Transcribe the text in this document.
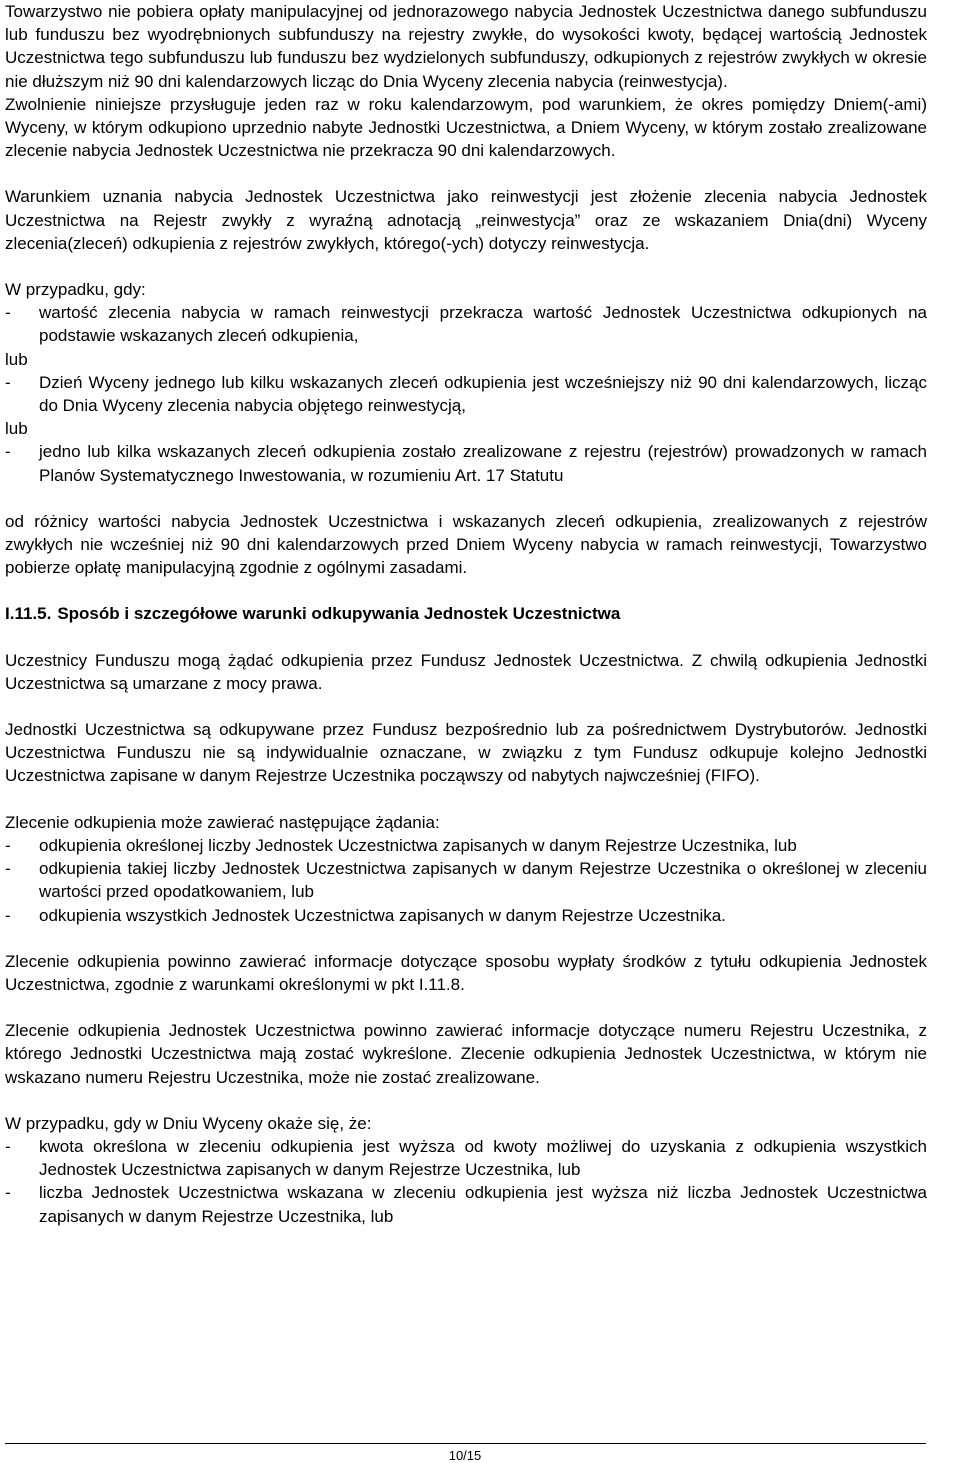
Towarzystwo nie pobiera opłaty manipulacyjnej od jednorazowego nabycia Jednostek Uczestnictwa danego subfunduszu lub funduszu bez wyodrębnionych subfunduszy na rejestry zwykłe, do wysokości kwoty, będącej wartością Jednostek Uczestnictwa tego subfunduszu lub funduszu bez wydzielonych subfunduszy, odkupionych z rejestrów zwykłych w okresie nie dłuższym niż 90 dni kalendarzowych licząc do Dnia Wyceny zlecenia nabycia (reinwestycja).

Zwolnienie niniejsze przysługuje jeden raz w roku kalendarzowym, pod warunkiem, że okres pomiędzy Dniem(-ami) Wyceny, w którym odkupiono uprzednio nabyte Jednostki Uczestnictwa, a Dniem Wyceny, w którym zostało zrealizowane zlecenie nabycia Jednostek Uczestnictwa nie przekracza 90 dni kalendarzowych.

Warunkiem uznania nabycia Jednostek Uczestnictwa jako reinwestycji jest złożenie zlecenia nabycia Jednostek Uczestnictwa na Rejestr zwykły z wyraźną adnotacją „reinwestycja” oraz ze wskazaniem Dnia(dni) Wyceny zlecenia(zleceń) odkupienia z rejestrów zwykłych, którego(-ych) dotyczy reinwestycja.

W przypadku, gdy:

-	wartość zlecenia nabycia w ramach reinwestycji przekracza wartość Jednostek Uczestnictwa odkupionych na podstawie wskazanych zleceń odkupienia,

lub

-	Dzień Wyceny jednego lub kilku wskazanych zleceń odkupienia jest wcześniejszy niż 90 dni kalendarzowych, licząc do Dnia Wyceny zlecenia nabycia objętego reinwestycją,

lub

-	jedno lub kilka wskazanych zleceń odkupienia zostało zrealizowane z rejestru (rejestrów) prowadzonych w ramach Planów Systematycznego Inwestowania, w rozumieniu Art. 17 Statutu

od różnicy wartości nabycia Jednostek Uczestnictwa i wskazanych zleceń odkupienia, zrealizowanych z rejestrów zwykłych nie wcześniej niż 90 dni kalendarzowych przed Dniem Wyceny nabycia w ramach reinwestycji, Towarzystwo pobierze opłatę manipulacyjną zgodnie z ogólnymi zasadami.

I.11.5. Sposób i szczegółowe warunki odkupywania Jednostek Uczestnictwa

Uczestnicy Funduszu mogą żądać odkupienia przez Fundusz Jednostek Uczestnictwa. Z chwilą odkupienia Jednostki Uczestnictwa są umarzane z mocy prawa.

Jednostki Uczestnictwa są odkupywane przez Fundusz bezpośrednio lub za pośrednictwem Dystrybutorów. Jednostki Uczestnictwa Funduszu nie są indywidualnie oznaczane, w związku z tym Fundusz odkupuje kolejno Jednostki Uczestnictwa zapisane w danym Rejestrze Uczestnika począwszy od nabytych najwcześniej (FIFO).

Zlecenie odkupienia może zawierać następujące żądania:

-	odkupienia określonej liczby Jednostek Uczestnictwa zapisanych w danym Rejestrze Uczestnika, lub
-	odkupienia takiej liczby Jednostek Uczestnictwa zapisanych w danym Rejestrze Uczestnika o określonej w zleceniu wartości przed opodatkowaniem, lub
-	odkupienia wszystkich Jednostek Uczestnictwa zapisanych w danym Rejestrze Uczestnika.

Zlecenie odkupienia powinno zawierać informacje dotyczące sposobu wypłaty środków z tytułu odkupienia Jednostek Uczestnictwa, zgodnie z warunkami określonymi w pkt I.11.8.

Zlecenie odkupienia Jednostek Uczestnictwa powinno zawierać informacje dotyczące numeru Rejestru Uczestnika, z którego Jednostki Uczestnictwa mają zostać wykreślone. Zlecenie odkupienia Jednostek Uczestnictwa, w którym nie wskazano numeru Rejestru Uczestnika, może nie zostać zrealizowane.

W przypadku, gdy w Dniu Wyceny okaże się, że:

-	kwota określona w zleceniu odkupienia jest wyższa od kwoty możliwej do uzyskania z odkupienia wszystkich Jednostek Uczestnictwa zapisanych w danym Rejestrze Uczestnika, lub
-	liczba Jednostek Uczestnictwa wskazana w zleceniu odkupienia jest wyższa niż liczba Jednostek Uczestnictwa zapisanych w danym Rejestrze Uczestnika, lub
10/15
